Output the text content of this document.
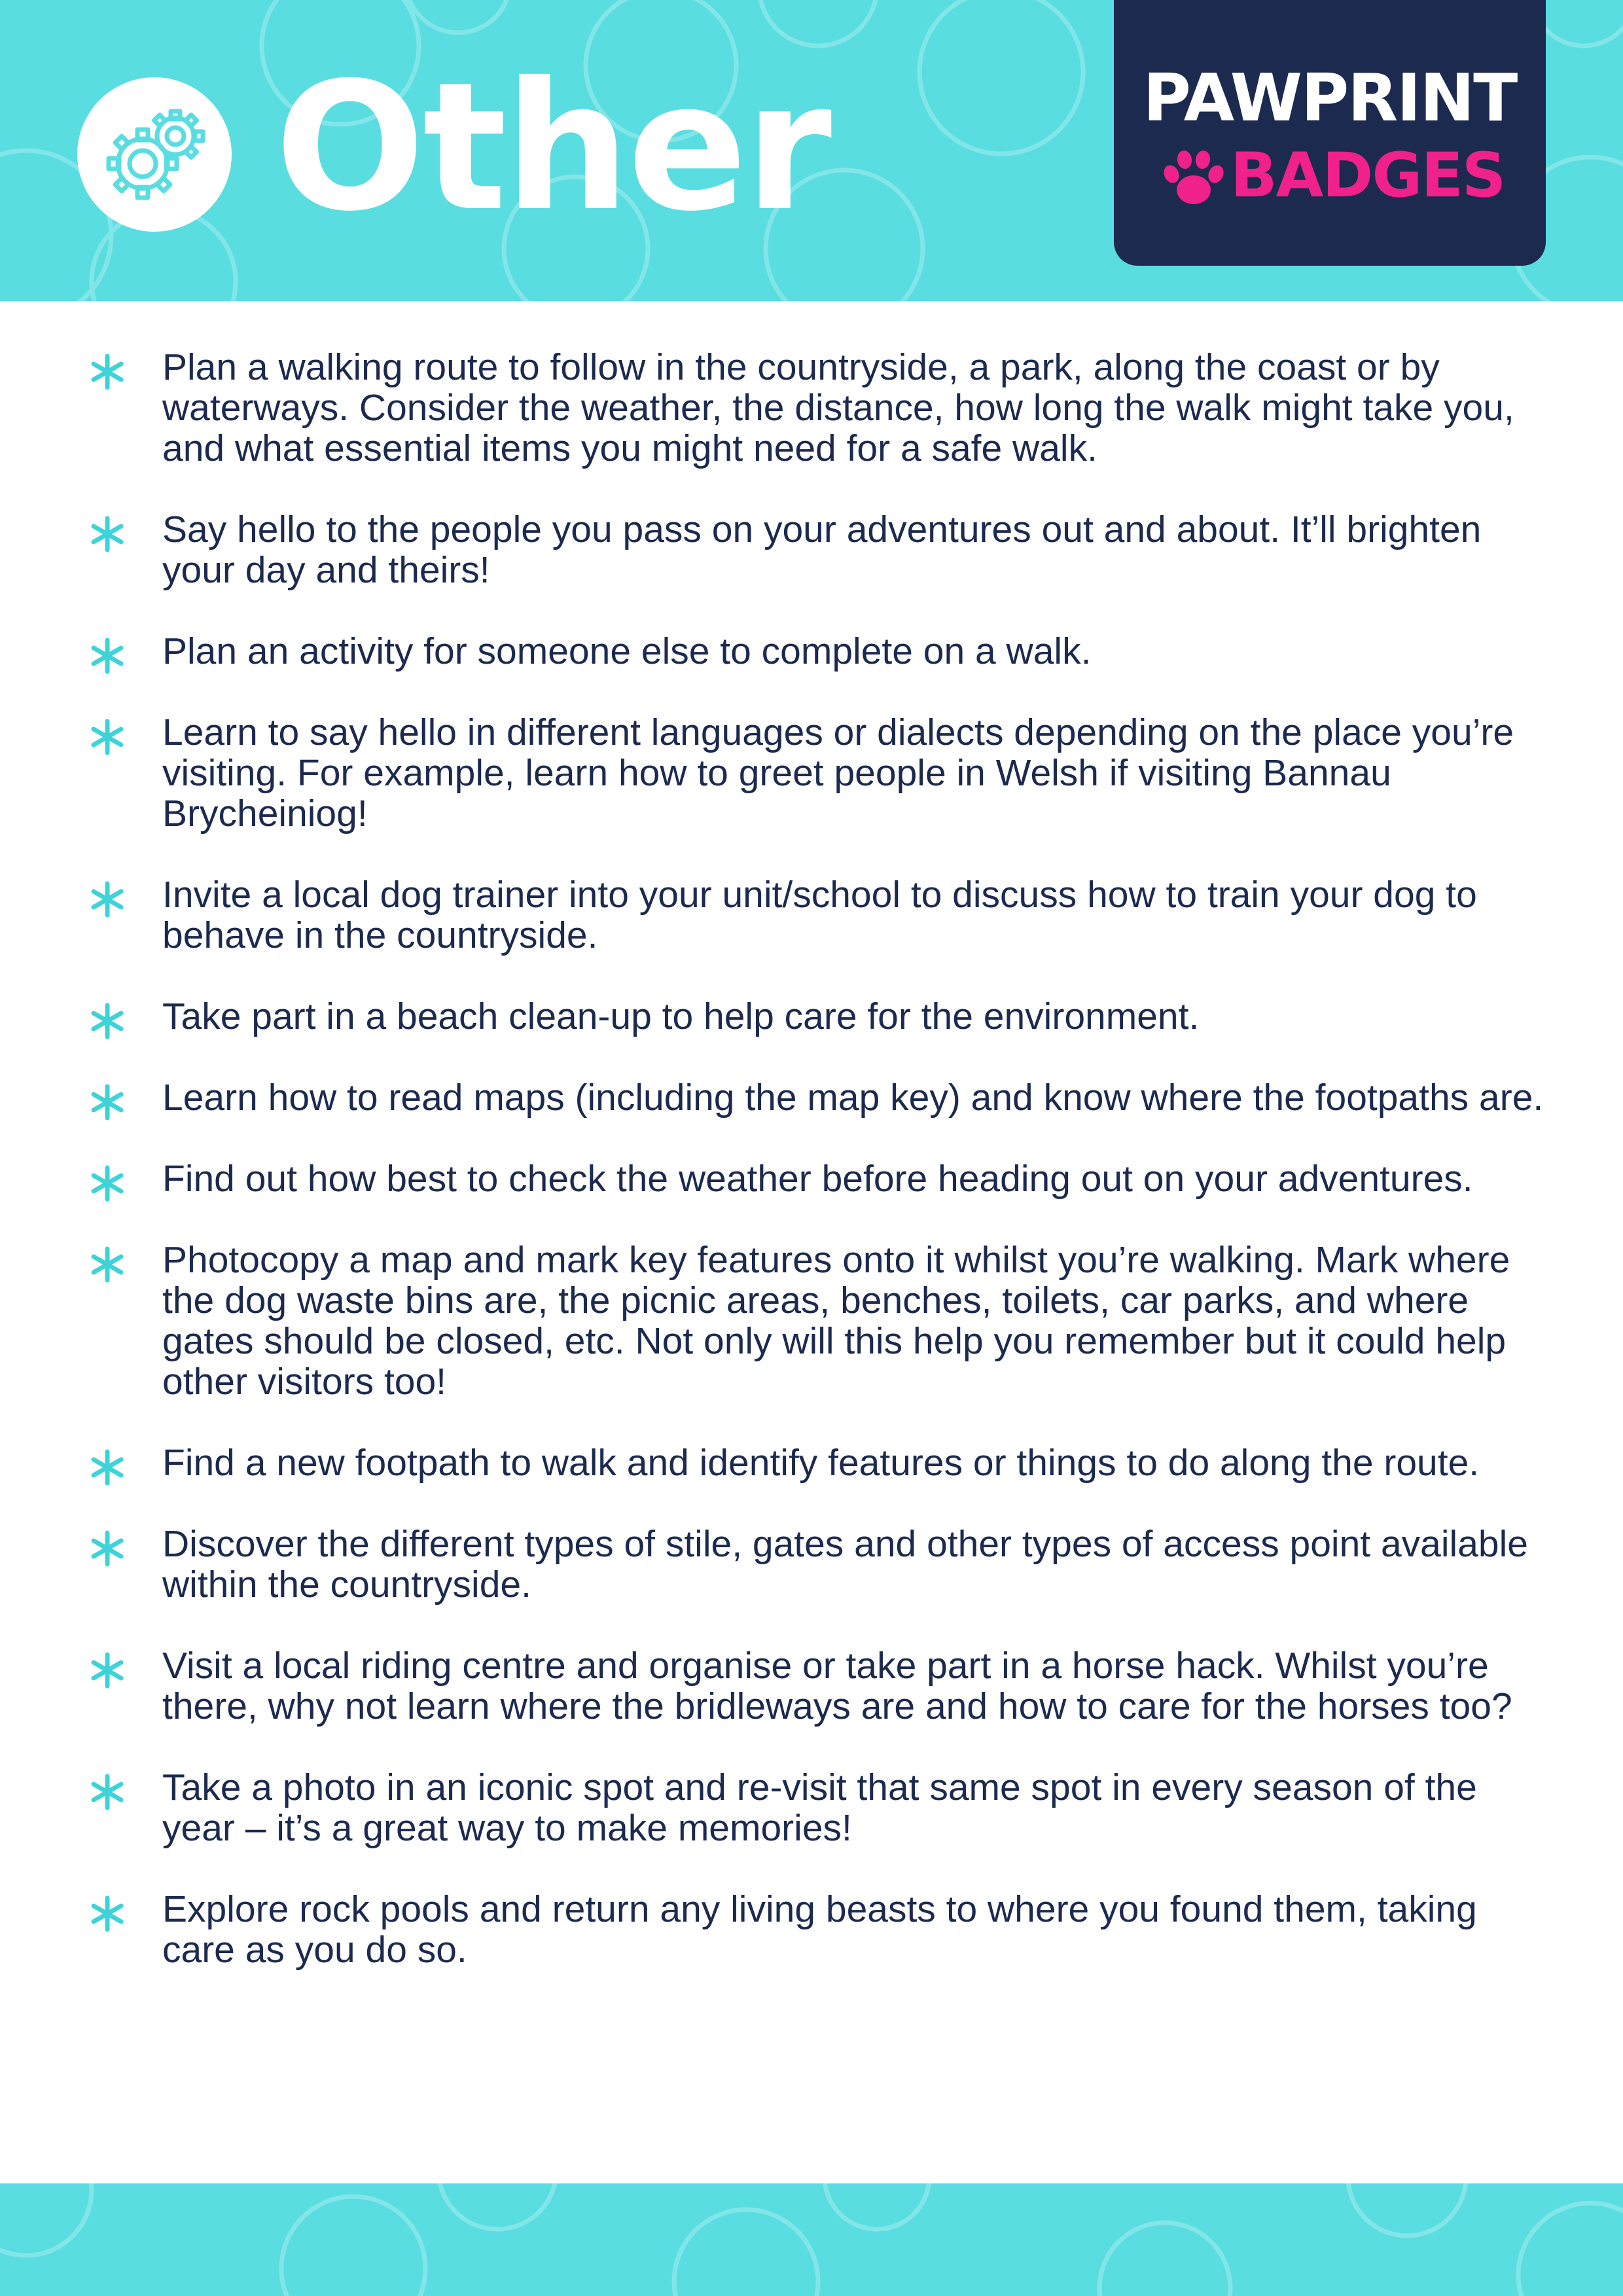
Other	PAWPRINT
BADGES

Plan a walking route to follow in the countryside, a park, along the coast or by waterways. Consider the weather, the distance, how long the walk might take you, and what essential items you might need for a safe walk.

Say hello to the people you pass on your adventures out and about. It’ll brighten your day and theirs!

Plan an activity for someone else to complete on a walk.

Learn to say hello in different languages or dialects depending on the place you’re visiting. For example, learn how to greet people in Welsh if visiting Bannau Brycheiniog!

Invite a local dog trainer into your unit/school to discuss how to train your dog to behave in the countryside.

Take part in a beach clean-up to help care for the environment.

Learn how to read maps (including the map key) and know where the footpaths are.

Find out how best to check the weather before heading out on your adventures.

Photocopy a map and mark key features onto it whilst you’re walking. Mark where the dog waste bins are, the picnic areas, benches, toilets, car parks, and where gates should be closed, etc. Not only will this help you remember but it could help other visitors too!

Find a new footpath to walk and identify features or things to do along the route.

Discover the different types of stile, gates and other types of access point available within the countryside.

Visit a local riding centre and organise or take part in a horse hack. Whilst you’re there, why not learn where the bridleways are and how to care for the horses too?

Take a photo in an iconic spot and re-visit that same spot in every season of the year – it’s a great way to make memories!

Explore rock pools and return any living beasts to where you found them, taking care as you do so.
